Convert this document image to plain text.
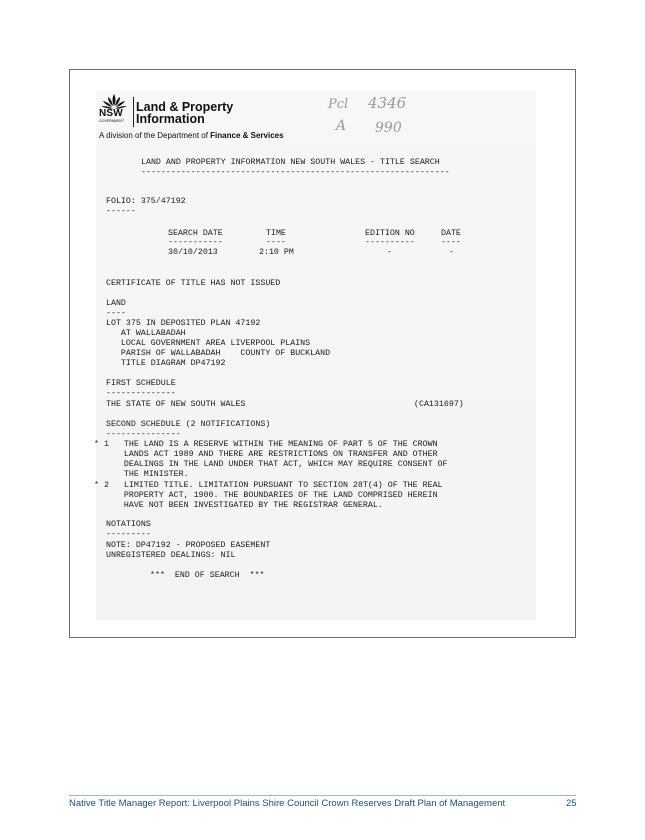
NSW
GOVERNMENT
Land & Property
Information
A division of the Department of Finance & Services
Pcl 4346
A 990
LAND AND PROPERTY INFORMATION NEW SOUTH WALES - TITLE SEARCH
--------------------------------------------------------------
FOLIO: 375/47192
------
SEARCH DATE	TIME	EDITION NO	DATE
-----------	----	----------	----
30/10/2013	2:10 PM	-	-
CERTIFICATE OF TITLE HAS NOT ISSUED
LAND
----
LOT 375 IN DEPOSITED PLAN 47192
AT WALLABADAH
LOCAL GOVERNMENT AREA LIVERPOOL PLAINS
PARISH OF WALLABADAH    COUNTY OF BUCKLAND
TITLE DIAGRAM DP47192
FIRST SCHEDULE
--------------
THE STATE OF NEW SOUTH WALES	(CA131697)
SECOND SCHEDULE (2 NOTIFICATIONS)
---------------
* 1   THE LAND IS A RESERVE WITHIN THE MEANING OF PART 5 OF THE CROWN
LANDS ACT 1989 AND THERE ARE RESTRICTIONS ON TRANSFER AND OTHER
DEALINGS IN THE LAND UNDER THAT ACT, WHICH MAY REQUIRE CONSENT OF
THE MINISTER.
* 2   LIMITED TITLE. LIMITATION PURSUANT TO SECTION 28T(4) OF THE REAL
PROPERTY ACT, 1900. THE BOUNDARIES OF THE LAND COMPRISED HEREIN
HAVE NOT BEEN INVESTIGATED BY THE REGISTRAR GENERAL.
NOTATIONS
---------
NOTE: DP47192 - PROPOSED EASEMENT
UNREGISTERED DEALINGS: NIL
***  END OF SEARCH  ***
Native Title Manager Report: Liverpool Plains Shire Council Crown Reserves Draft Plan of Management	25
